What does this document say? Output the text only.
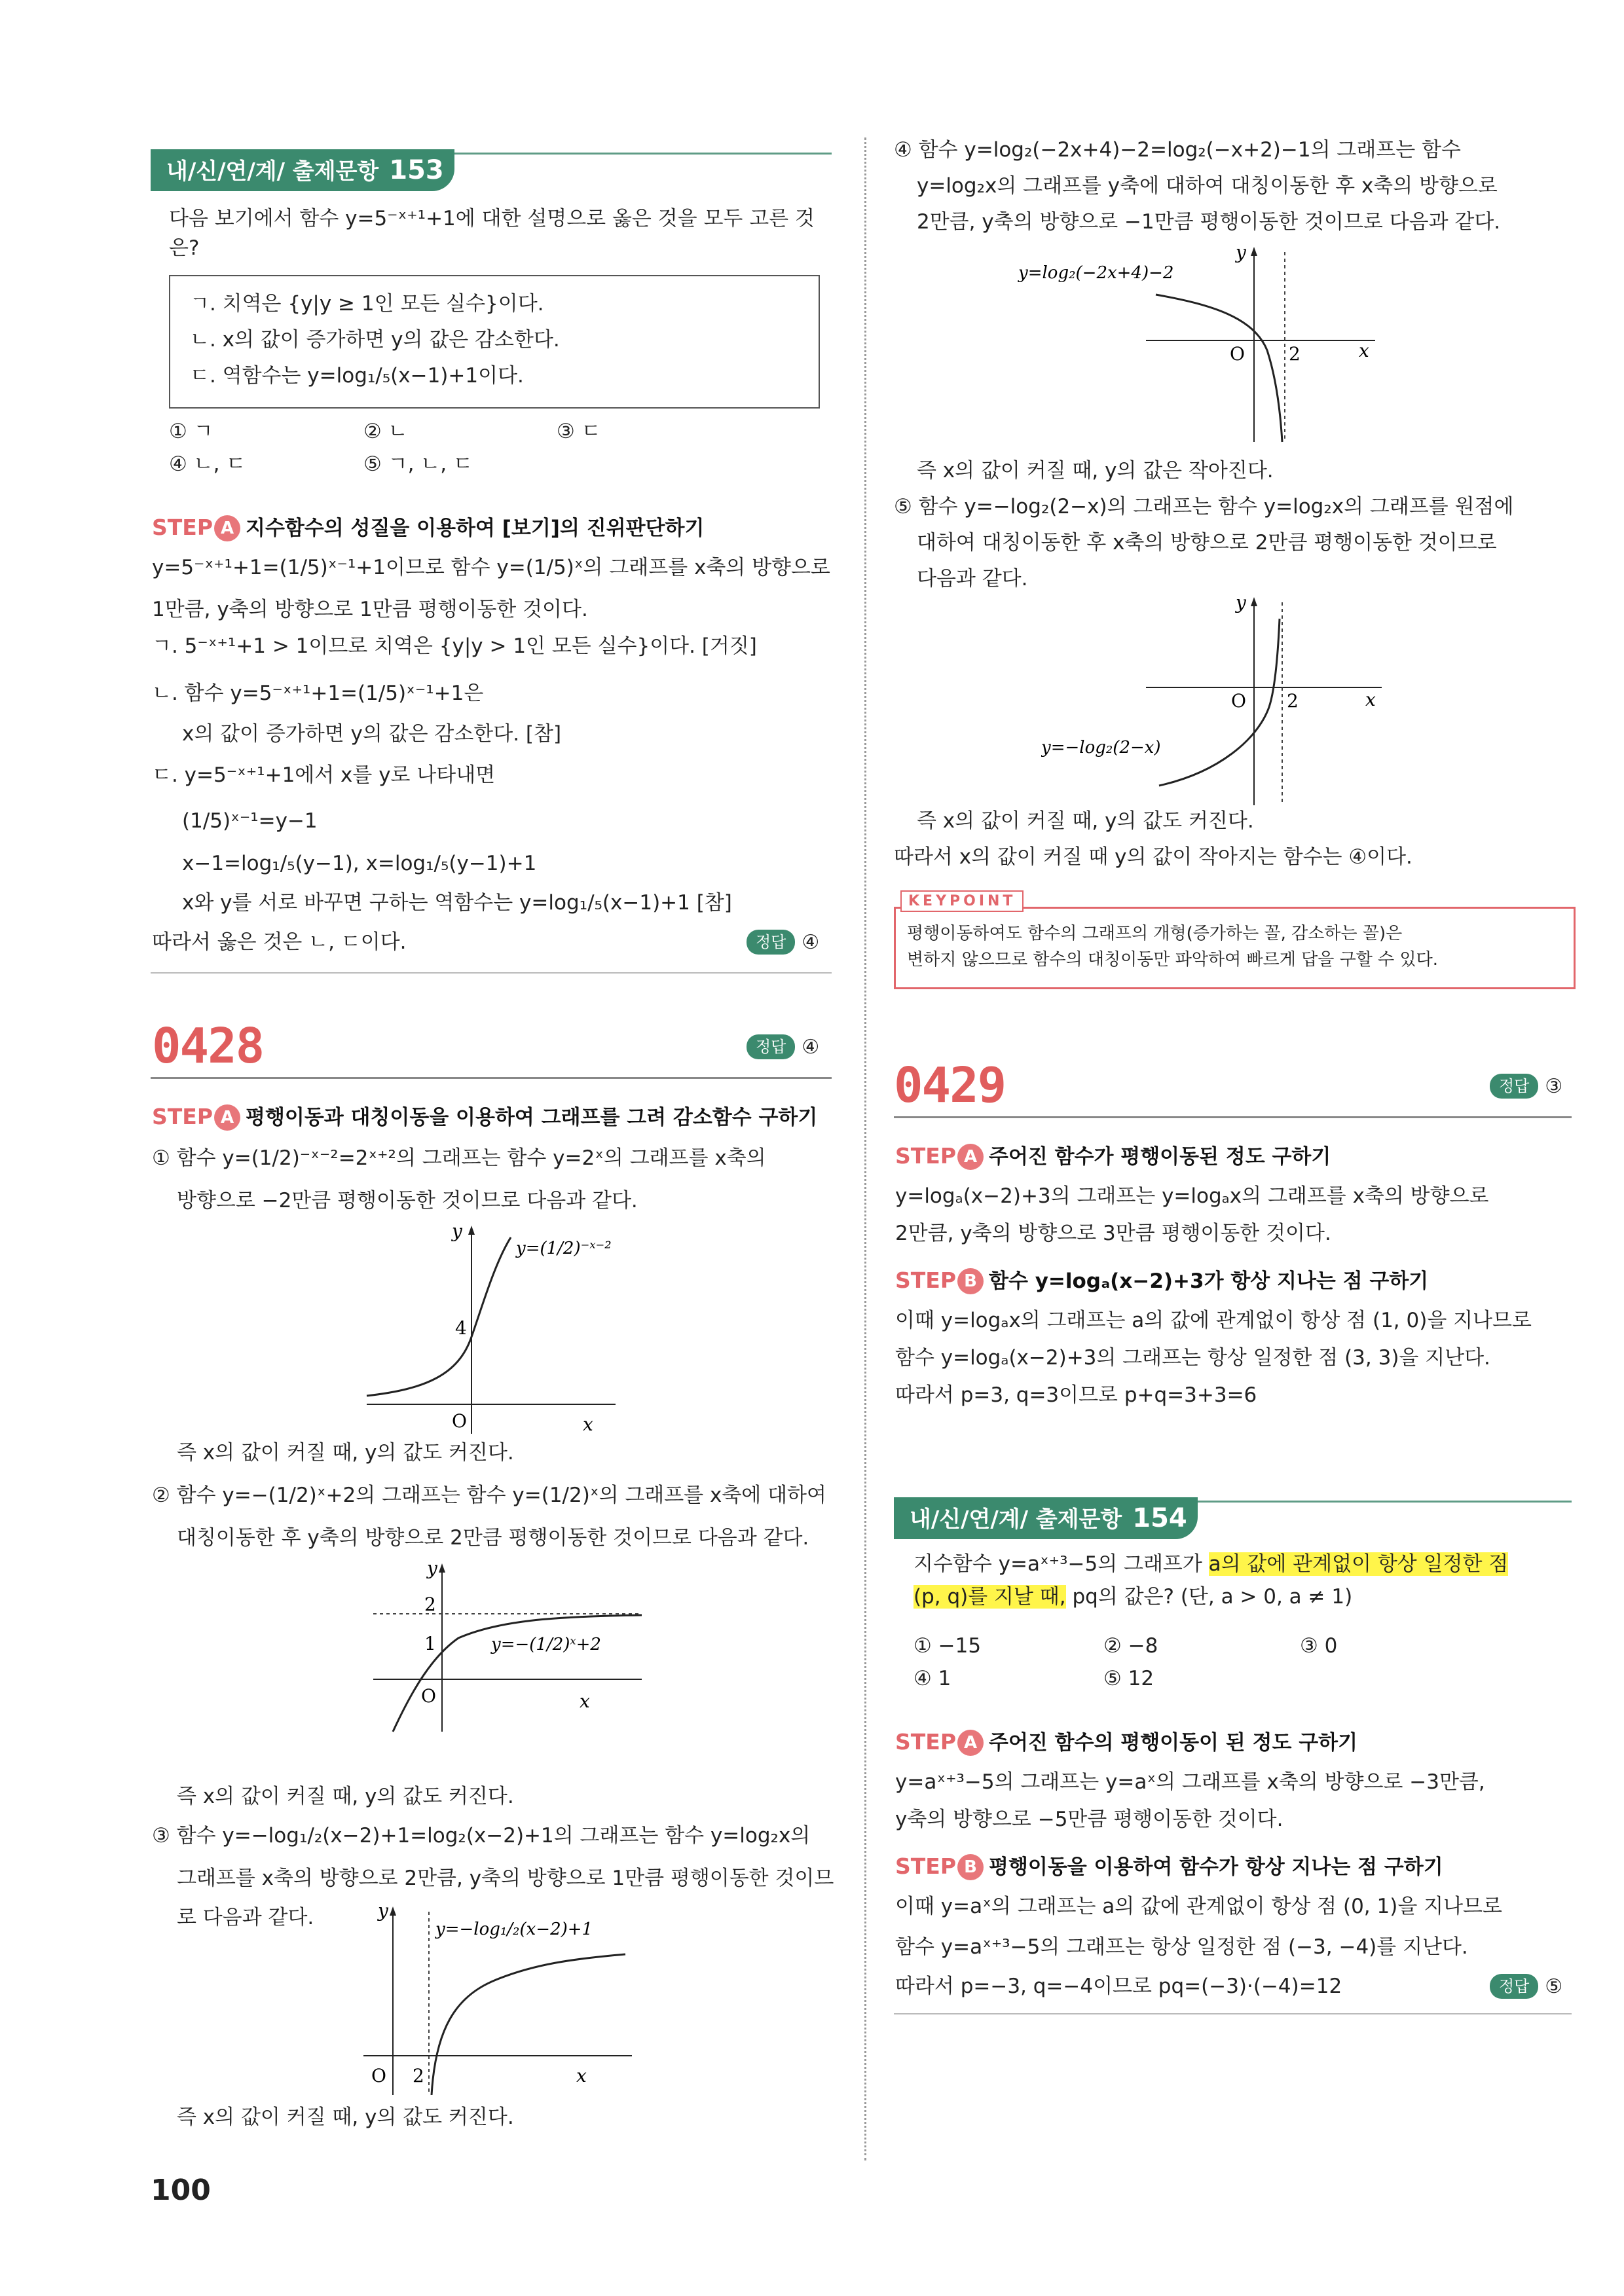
내/신/연/계/ 출제문항 153
다음 보기에서 함수 y=5⁻ˣ⁺¹+1에 대한 설명으로 옳은 것을 모두 고른 것
은?
ㄱ. 치역은 {y|y ≥ 1인 모든 실수}이다.
ㄴ. x의 값이 증가하면 y의 값은 감소한다.
ㄷ. 역함수는 y=log₁/₅(x−1)+1이다.
① ㄱ	② ㄴ	③ ㄷ
④ ㄴ, ㄷ	⑤ ㄱ, ㄴ, ㄷ
STEP A 지수함수의 성질을 이용하여 [보기]의 진위판단하기
y=5⁻ˣ⁺¹+1=(1/5)ˣ⁻¹+1이므로 함수 y=(1/5)ˣ의 그래프를 x축의 방향으로
1만큼, y축의 방향으로 1만큼 평행이동한 것이다.
ㄱ. 5⁻ˣ⁺¹+1 > 1이므로 치역은 {y|y > 1인 모든 실수}이다. [거짓]
ㄴ. 함수 y=5⁻ˣ⁺¹+1=(1/5)ˣ⁻¹+1은
x의 값이 증가하면 y의 값은 감소한다. [참]
ㄷ. y=5⁻ˣ⁺¹+1에서 x를 y로 나타내면
(1/5)ˣ⁻¹=y−1
x−1=log₁/₅(y−1), x=log₁/₅(y−1)+1
x와 y를 서로 바꾸면 구하는 역함수는 y=log₁/₅(x−1)+1 [참]
따라서 옳은 것은 ㄴ, ㄷ이다.	정답 ④
0428	정답 ④
STEP A 평행이동과 대칭이동을 이용하여 그래프를 그려 감소함수 구하기
① 함수 y=(1/2)⁻ˣ⁻²=2ˣ⁺²의 그래프는 함수 y=2ˣ의 그래프를 x축의
방향으로 −2만큼 평행이동한 것이므로 다음과 같다.
y
x
O
4
y=(1/2)⁻ˣ⁻²
즉 x의 값이 커질 때, y의 값도 커진다.
② 함수 y=−(1/2)ˣ+2의 그래프는 함수 y=(1/2)ˣ의 그래프를 x축에 대하여
대칭이동한 후 y축의 방향으로 2만큼 평행이동한 것이므로 다음과 같다.
y
x
O
1
2
y=−(1/2)ˣ+2
즉 x의 값이 커질 때, y의 값도 커진다.
③ 함수 y=−log₁/₂(x−2)+1=log₂(x−2)+1의 그래프는 함수 y=log₂x의
그래프를 x축의 방향으로 2만큼, y축의 방향으로 1만큼 평행이동한 것이므
로 다음과 같다.	y
x
O 2
y=−log₁/₂(x−2)+1
즉 x의 값이 커질 때, y의 값도 커진다.
100
④ 함수 y=log₂(−2x+4)−2=log₂(−x+2)−1의 그래프는 함수
y=log₂x의 그래프를 y축에 대하여 대칭이동한 후 x축의 방향으로
2만큼, y축의 방향으로 −1만큼 평행이동한 것이므로 다음과 같다.
y
x
O 2
y=log₂(−2x+4)−2
즉 x의 값이 커질 때, y의 값은 작아진다.
⑤ 함수 y=−log₂(2−x)의 그래프는 함수 y=log₂x의 그래프를 원점에
대하여 대칭이동한 후 x축의 방향으로 2만큼 평행이동한 것이므로
다음과 같다.
y
x
O 2
y=−log₂(2−x)
즉 x의 값이 커질 때, y의 값도 커진다.
따라서 x의 값이 커질 때 y의 값이 작아지는 함수는 ④이다.
KEYPOINT
평행이동하여도 함수의 그래프의 개형(증가하는 꼴, 감소하는 꼴)은
변하지 않으므로 함수의 대칭이동만 파악하여 빠르게 답을 구할 수 있다.
0429	정답 ③
STEP A 주어진 함수가 평행이동된 정도 구하기
y=logₐ(x−2)+3의 그래프는 y=logₐx의 그래프를 x축의 방향으로
2만큼, y축의 방향으로 3만큼 평행이동한 것이다.
STEP B 함수 y=logₐ(x−2)+3가 항상 지나는 점 구하기
이때 y=logₐx의 그래프는 a의 값에 관계없이 항상 점 (1, 0)을 지나므로
함수 y=logₐ(x−2)+3의 그래프는 항상 일정한 점 (3, 3)을 지난다.
따라서 p=3, q=3이므로 p+q=3+3=6
내/신/연/계/ 출제문항 154
지수함수 y=aˣ⁺³−5의 그래프가 a의 값에 관계없이 항상 일정한 점
(p, q)를 지날 때, pq의 값은? (단, a > 0, a ≠ 1)
① −15	② −8	③ 0
④ 1	⑤ 12
STEP A 주어진 함수의 평행이동이 된 정도 구하기
y=aˣ⁺³−5의 그래프는 y=aˣ의 그래프를 x축의 방향으로 −3만큼,
y축의 방향으로 −5만큼 평행이동한 것이다.
STEP B 평행이동을 이용하여 함수가 항상 지나는 점 구하기
이때 y=aˣ의 그래프는 a의 값에 관계없이 항상 점 (0, 1)을 지나므로
함수 y=aˣ⁺³−5의 그래프는 항상 일정한 점 (−3, −4)를 지난다.
따라서 p=−3, q=−4이므로 pq=(−3)·(−4)=12	정답 ⑤
